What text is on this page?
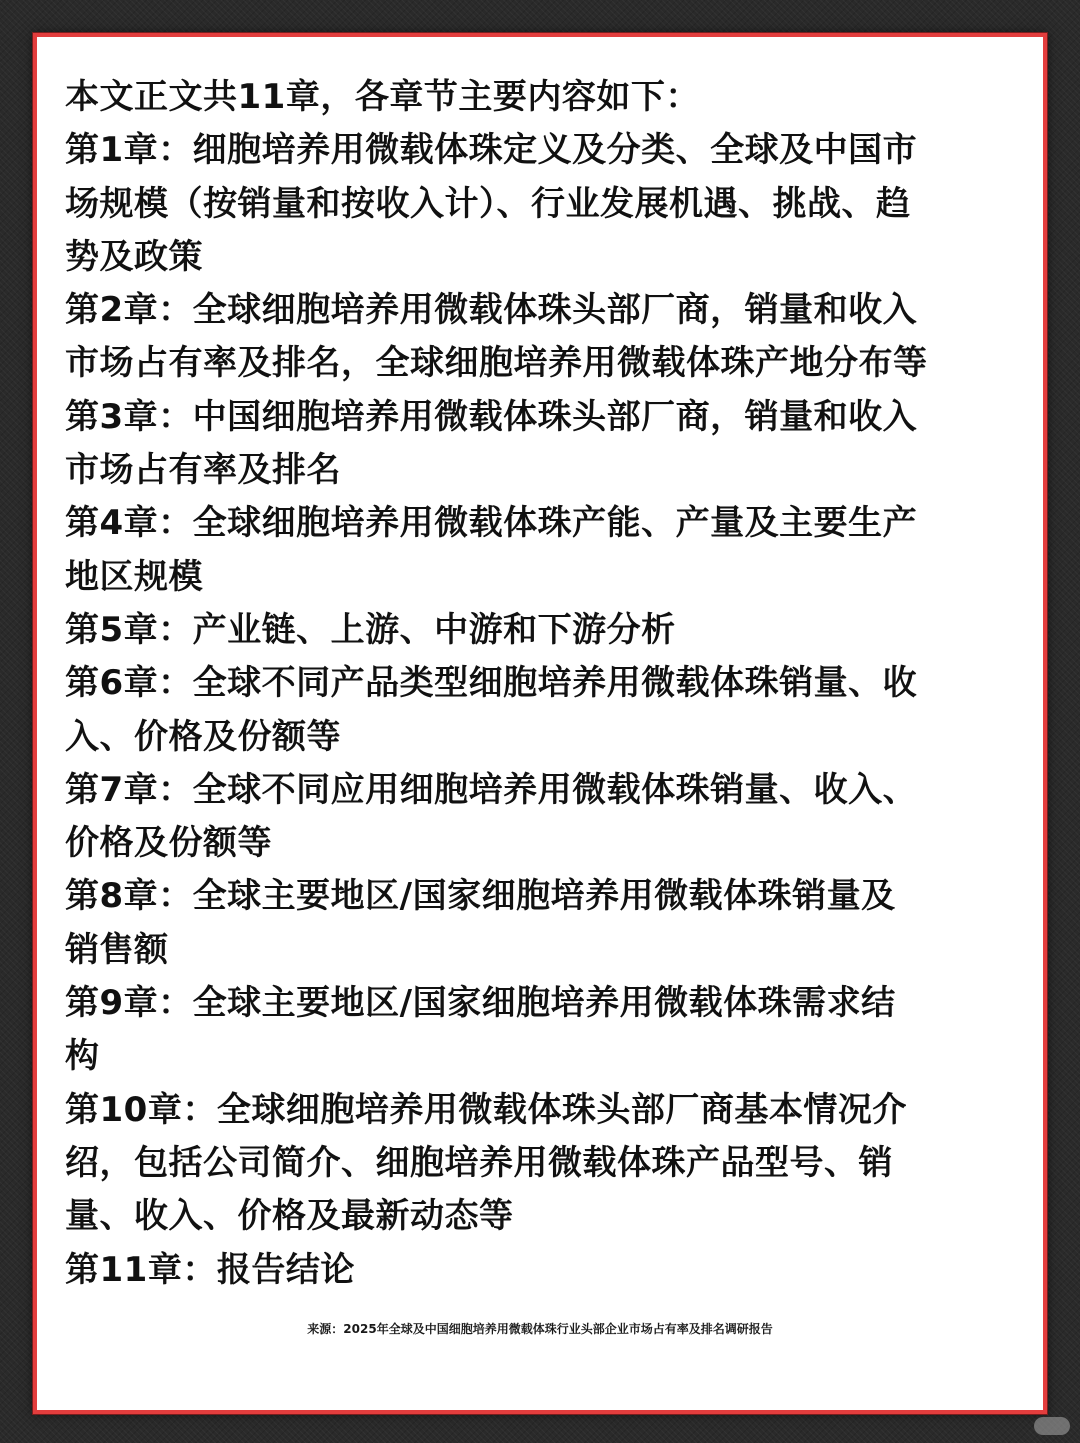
本文正文共11章，各章节主要内容如下：
第1章：细胞培养用微载体珠定义及分类、全球及中国市
场规模（按销量和按收入计）、行业发展机遇、挑战、趋
势及政策
第2章：全球细胞培养用微载体珠头部厂商，销量和收入
市场占有率及排名，全球细胞培养用微载体珠产地分布等
第3章：中国细胞培养用微载体珠头部厂商，销量和收入
市场占有率及排名
第4章：全球细胞培养用微载体珠产能、产量及主要生产
地区规模
第5章：产业链、上游、中游和下游分析
第6章：全球不同产品类型细胞培养用微载体珠销量、收
入、价格及份额等
第7章：全球不同应用细胞培养用微载体珠销量、收入、
价格及份额等
第8章：全球主要地区/国家细胞培养用微载体珠销量及
销售额
第9章：全球主要地区/国家细胞培养用微载体珠需求结
构
第10章：全球细胞培养用微载体珠头部厂商基本情况介
绍，包括公司简介、细胞培养用微载体珠产品型号、销
量、收入、价格及最新动态等
第11章：报告结论
来源：2025年全球及中国细胞培养用微载体珠行业头部企业市场占有率及排名调研报告
